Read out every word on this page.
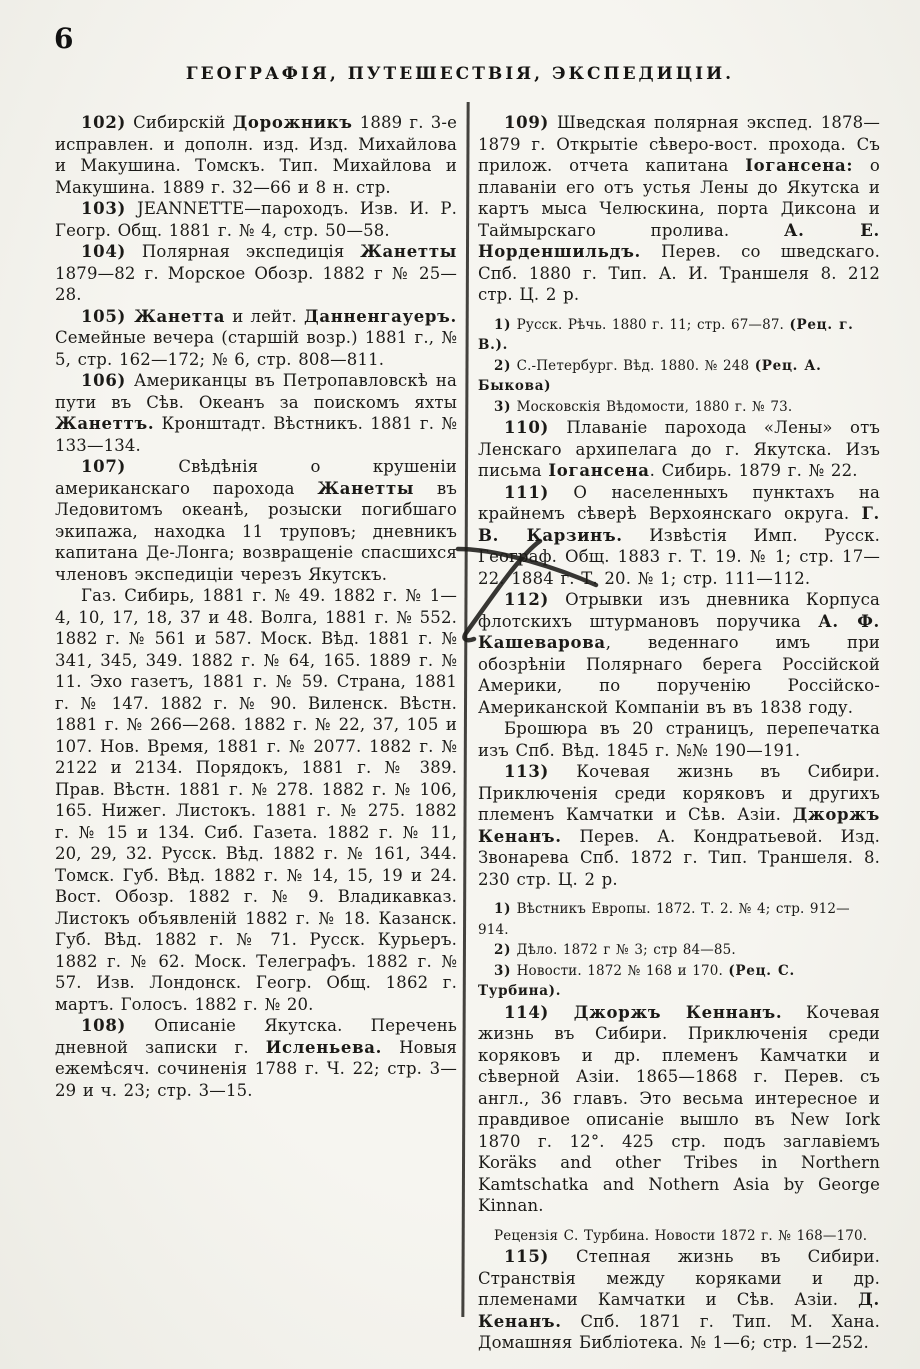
6
ГЕОГРАФІЯ, ПУТЕШЕСТВІЯ, ЭКСПЕДИЦІИ.

102) Сибирскій Дорожникъ 1889 г. 3-е исправлен. и дополн. изд. Изд. Михайлова и Макушина. Томскъ. Тип. Михайлова и Макушина. 1889 г. 32—66 и 8 н. стр.

103) JEANNETTE—пароходъ. Изв. И. Р. Геогр. Общ. 1881 г. № 4, стр. 50—58.

104) Полярная экспедиція Жанетты 1879—82 г. Морское Обозр. 1882 г № 25—28.

105) Жанетта и лейт. Данненгауеръ. Семейные вечера (старшій возр.) 1881 г., № 5, стр. 162—172; № 6, стр. 808—811.

106) Американцы въ Петропавловскѣ на пути въ Сѣв. Океанъ за поискомъ яхты Жанеттъ. Кронштадт. Вѣстникъ. 1881 г. № 133—134.

107) Свѣдѣнія о крушеніи американскаго парохода Жанетты въ Ледовитомъ океанѣ, розыски погибшаго экипажа, находка 11 труповъ; дневникъ капитана Де-Лонга; возвращеніе спасшихся членовъ экспедиціи черезъ Якутскъ.

Газ. Сибирь, 1881 г. № 49. 1882 г. № 1—4, 10, 17, 18, 37 и 48. Волга, 1881 г. № 552. 1882 г. № 561 и 587. Моск. Вѣд. 1881 г. № 341, 345, 349. 1882 г. № 64, 165. 1889 г. № 11. Эхо газетъ, 1881 г. № 59. Страна, 1881 г. № 147. 1882 г. № 90. Виленск. Вѣстн. 1881 г. № 266—268. 1882 г. № 22, 37, 105 и 107. Нов. Время, 1881 г. № 2077. 1882 г. № 2122 и 2134. Порядокъ, 1881 г. № 389. Прав. Вѣстн. 1881 г. № 278. 1882 г. № 106, 165. Нижег. Листокъ. 1881 г. № 275. 1882 г. № 15 и 134. Сиб. Газета. 1882 г. № 11, 20, 29, 32. Русск. Вѣд. 1882 г. № 161, 344. Томск. Губ. Вѣд. 1882 г. № 14, 15, 19 и 24. Вост. Обозр. 1882 г. № 9. Владикавказ. Листокъ объявленій 1882 г. № 18. Казанск. Губ. Вѣд. 1882 г. № 71. Русск. Курьеръ. 1882 г. № 62. Моск. Телеграфъ. 1882 г. № 57. Изв. Лондонск. Геогр. Общ. 1862 г. мартъ. Голосъ. 1882 г. № 20.

108) Описаніе Якутска. Перечень дневной записки г. Исленьева. Новыя ежемѣсяч. сочиненія 1788 г. Ч. 22; стр. 3—29 и ч. 23; стр. 3—15.

109) Шведская полярная экспед. 1878—1879 г. Открытіе сѣверо-вост. прохода. Съ прилож. отчета капитана Іогансена: о плаваніи его отъ устья Лены до Якутска и картъ мыса Челюскина, порта Диксона и Таймырскаго пролива. А. Е. Норденшильдъ. Перев. со шведскаго. Спб. 1880 г. Тип. А. И. Траншеля 8. 212 стр. Ц. 2 р.

1) Русск. Рѣчь. 1880 г. 11; стр. 67—87. (Рец. г. В.).

2) С.-Петербург. Вѣд. 1880. № 248 (Рец. А. Быкова)

3) Московскія Вѣдомости, 1880 г. № 73.

110) Плаваніе парохода «Лены» отъ Ленскаго архипелага до г. Якутска. Изъ письма Іогансена. Сибирь. 1879 г. № 22.

111) О населенныхъ пунктахъ на крайнемъ сѣверѣ Верхоянскаго округа. Г. В. Карзинъ. Извѣстія Имп. Русск. Географ. Общ. 1883 г. Т. 19. № 1; стр. 17—22. 1884 г. Т. 20. № 1; стр. 111—112.

112) Отрывки изъ дневника Корпуса флотскихъ штурмановъ поручика А. Ф. Кашеварова, веденнаго имъ при обозрѣніи Полярнаго берега Россійской Америки, по порученію Россійско-Американской Компаніи въ въ 1838 году.

Брошюра въ 20 страницъ, перепечатка изъ Спб. Вѣд. 1845 г. №№ 190—191.

113) Кочевая жизнь въ Сибири. Приключенія среди коряковъ и другихъ племенъ Камчатки и Сѣв. Азіи. Джоржъ Кенанъ. Перев. А. Кондратьевой. Изд. Звонарева Спб. 1872 г. Тип. Траншеля. 8. 230 стр. Ц. 2 р.

1) Вѣстникъ Европы. 1872. Т. 2. № 4; стр. 912—914.

2) Дѣло. 1872 г № 3; стр 84—85.

3) Новости. 1872 № 168 и 170. (Рец. С. Турбина).

114) Джоржъ Кеннанъ. Кочевая жизнь въ Сибири. Приключенія среди коряковъ и др. племенъ Камчатки и сѣверной Азіи. 1865—1868 г. Перев. съ англ., 36 главъ. Это весьма интересное и правдивое описаніе вышло въ New Iork 1870 г. 12°. 425 стр. подъ заглавіемъ Koräks and other Tribes in Northern Kamtschatka and Nothern Asia by George Kinnan.

Рецензія С. Турбина. Новости 1872 г. № 168—170.

115) Степная жизнь въ Сибири. Странствія между коряками и др. племенами Камчатки и Сѣв. Азіи. Д. Кенанъ. Спб. 1871 г. Тип. М. Хана. Домашняя Библіотека. № 1—6; стр. 1—252.
